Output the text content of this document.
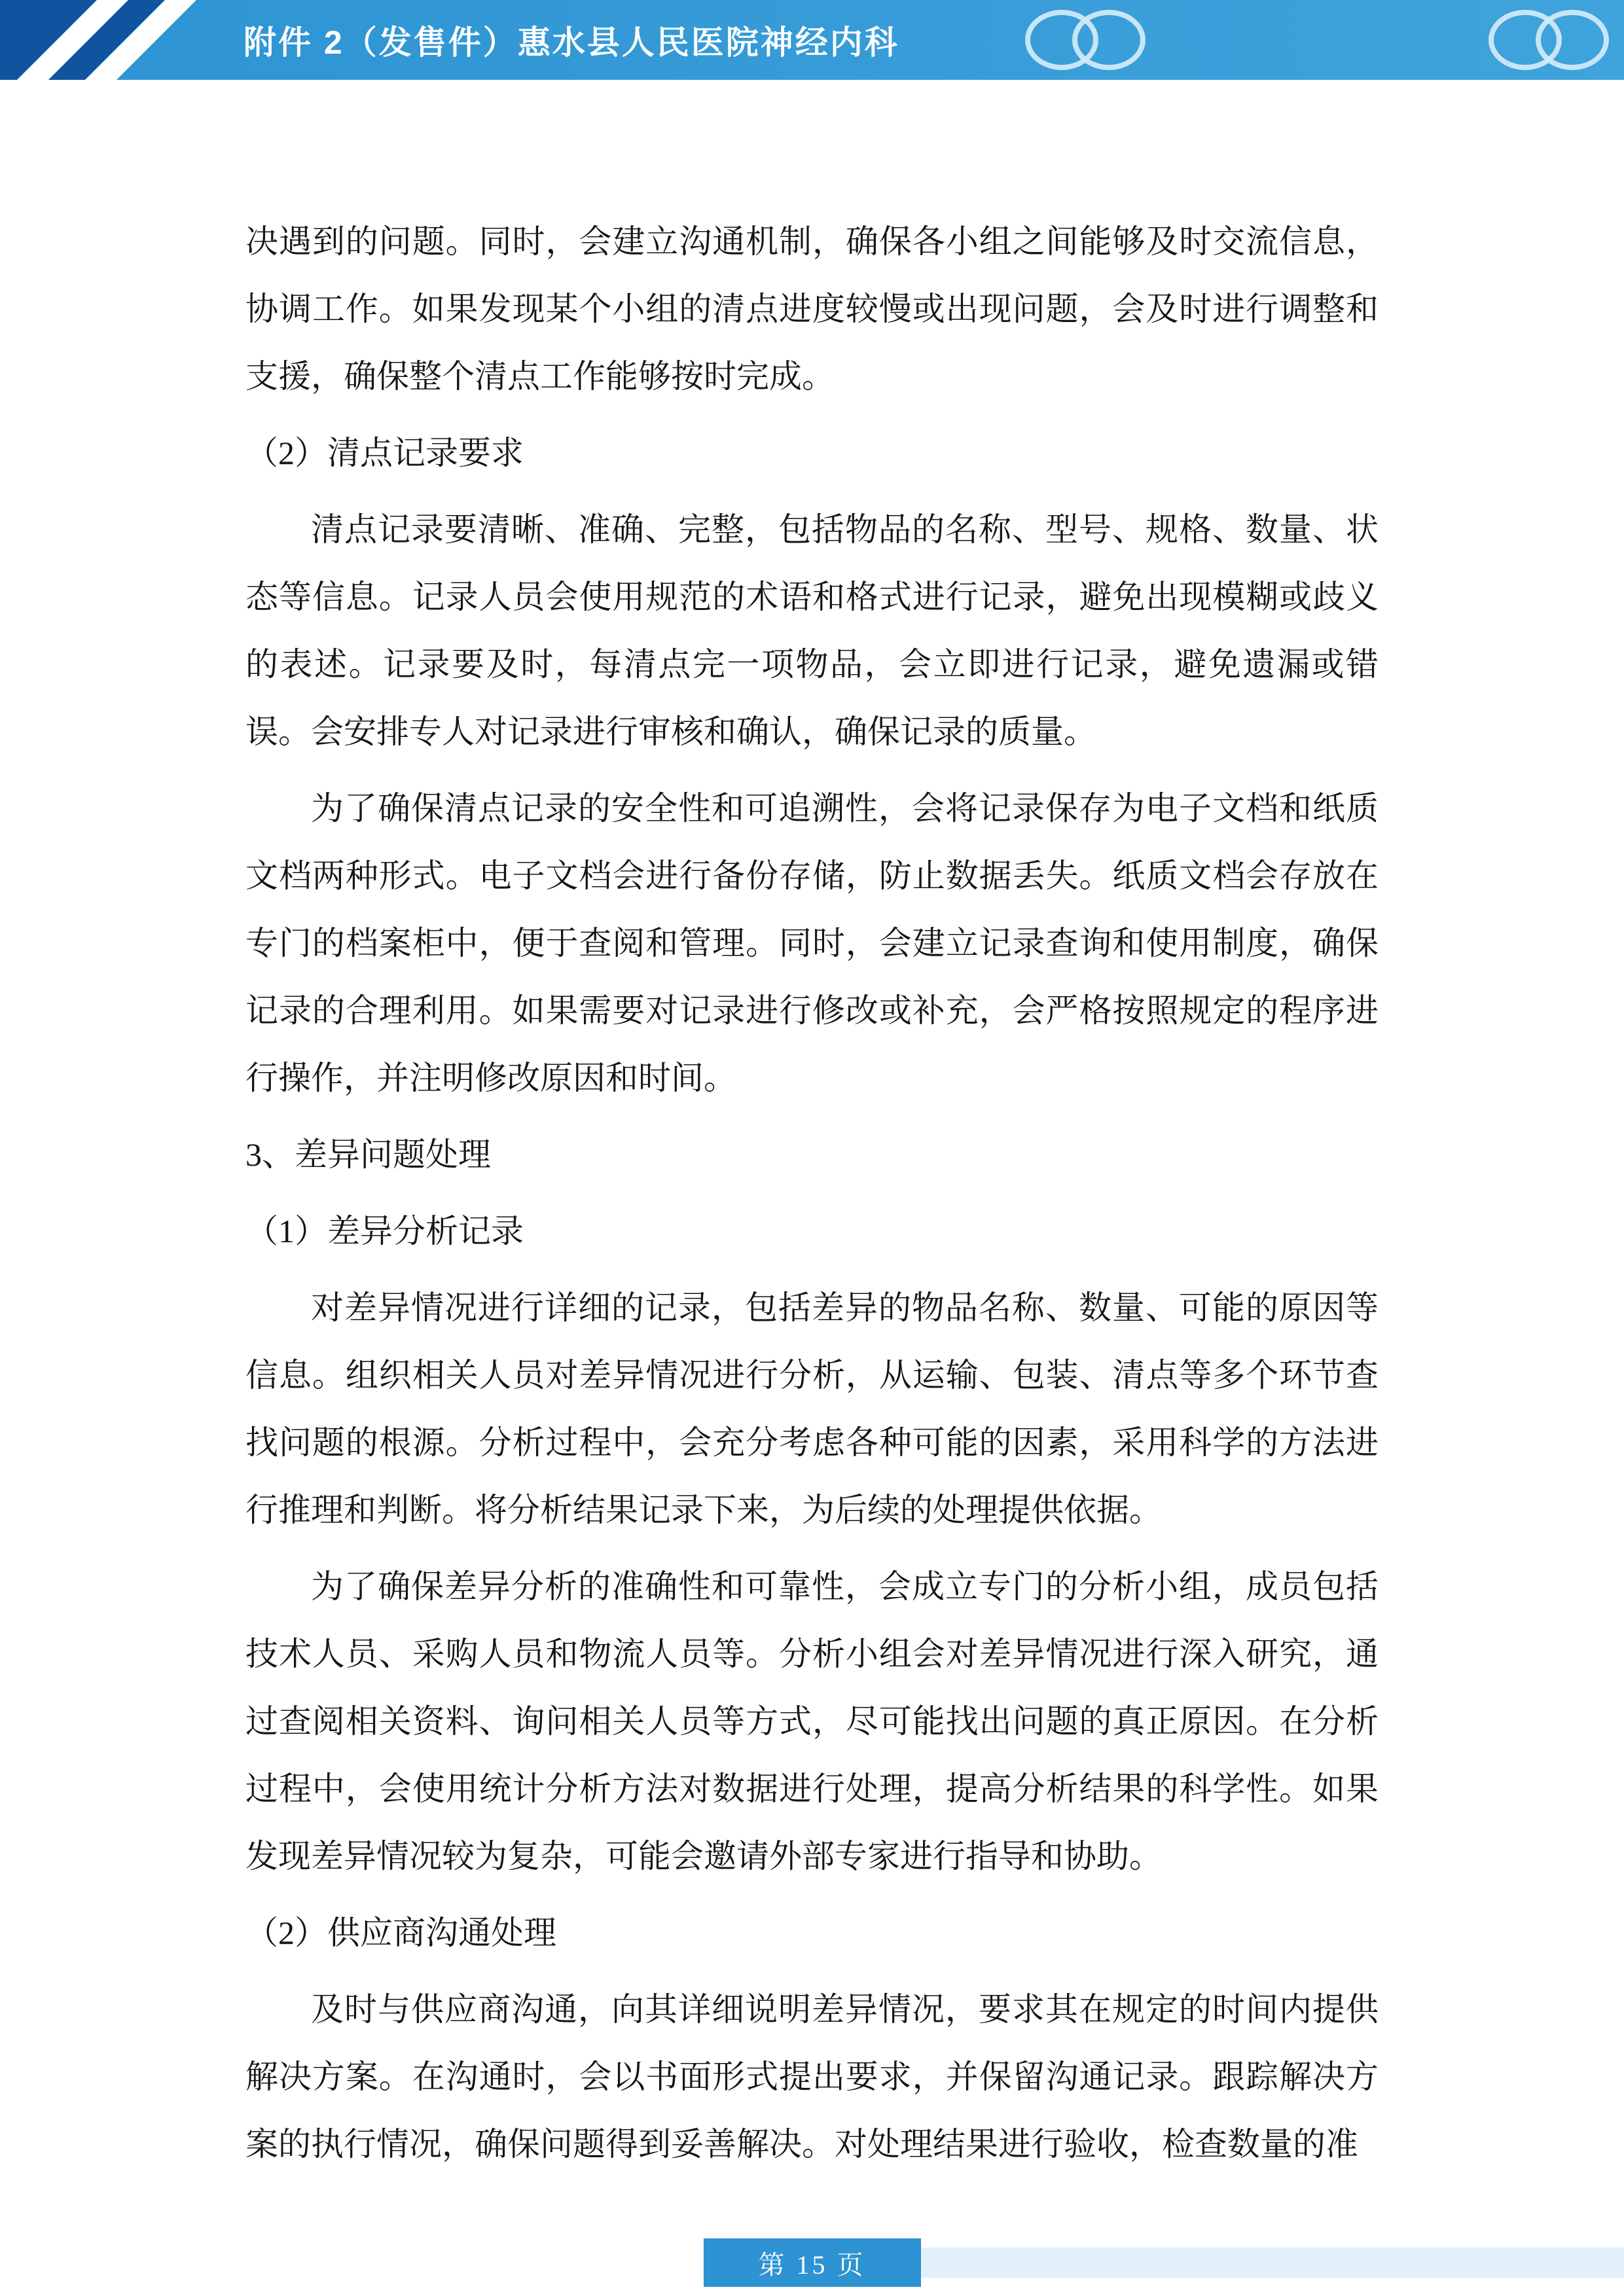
附件 2（发售件）惠水县人民医院神经内科

决遇到的问题。同时，会建立沟通机制，确保各小组之间能够及时交流信息，协调工作。如果发现某个小组的清点进度较慢或出现问题，会及时进行调整和支援，确保整个清点工作能够按时完成。

（2）清点记录要求

清点记录要清晰、准确、完整，包括物品的名称、型号、规格、数量、状态等信息。记录人员会使用规范的术语和格式进行记录，避免出现模糊或歧义的表述。记录要及时，每清点完一项物品，会立即进行记录，避免遗漏或错误。会安排专人对记录进行审核和确认，确保记录的质量。

为了确保清点记录的安全性和可追溯性，会将记录保存为电子文档和纸质文档两种形式。电子文档会进行备份存储，防止数据丢失。纸质文档会存放在专门的档案柜中，便于查阅和管理。同时，会建立记录查询和使用制度，确保记录的合理利用。如果需要对记录进行修改或补充，会严格按照规定的程序进行操作，并注明修改原因和时间。

3、差异问题处理

（1）差异分析记录

对差异情况进行详细的记录，包括差异的物品名称、数量、可能的原因等信息。组织相关人员对差异情况进行分析，从运输、包装、清点等多个环节查找问题的根源。分析过程中，会充分考虑各种可能的因素，采用科学的方法进行推理和判断。将分析结果记录下来，为后续的处理提供依据。

为了确保差异分析的准确性和可靠性，会成立专门的分析小组，成员包括技术人员、采购人员和物流人员等。分析小组会对差异情况进行深入研究，通过查阅相关资料、询问相关人员等方式，尽可能找出问题的真正原因。在分析过程中，会使用统计分析方法对数据进行处理，提高分析结果的科学性。如果发现差异情况较为复杂，可能会邀请外部专家进行指导和协助。

（2）供应商沟通处理

及时与供应商沟通，向其详细说明差异情况，要求其在规定的时间内提供解决方案。在沟通时，会以书面形式提出要求，并保留沟通记录。跟踪解决方案的执行情况，确保问题得到妥善解决。对处理结果进行验收，检查数量的准

第 15 页
